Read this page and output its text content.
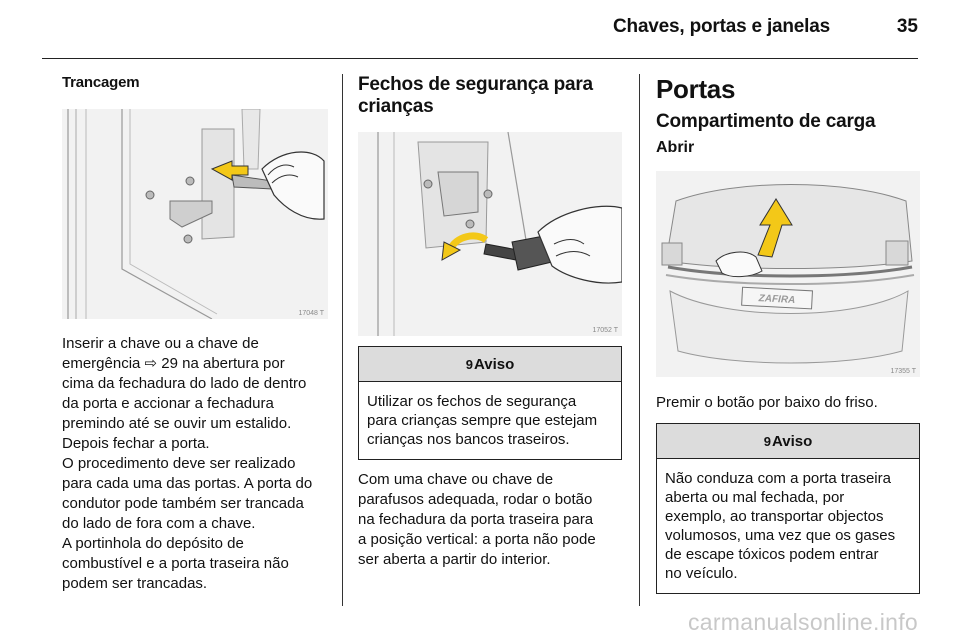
Chaves, portas e janelas	35
Trancagem
17048 T

Inserir a chave ou a chave de
emergência ⇨ 29 na abertura por
cima da fechadura do lado de dentro
da porta e accionar a fechadura
premindo até se ouvir um estalido.
Depois fechar a porta.
O procedimento deve ser realizado
para cada uma das portas. A porta do
condutor pode também ser trancada
do lado de fora com a chave.
A portinhola do depósito de
combustível e a porta traseira não
podem ser trancadas.

Fechos de segurança para
crianças
17052 T
9Aviso
Utilizar os fechos de segurança
para crianças sempre que estejam
crianças nos bancos traseiros.

Com uma chave ou chave de
parafusos adequada, rodar o botão
na fechadura da porta traseira para
a posição vertical: a porta não pode
ser aberta a partir do interior.

Portas
Compartimento de carga
Abrir
ZAFIRA
17355 T

Premir o botão por baixo do friso.

9Aviso
Não conduza com a porta traseira
aberta ou mal fechada, por
exemplo, ao transportar objectos
volumosos, uma vez que os gases
de escape tóxicos podem entrar
no veículo.
carmanualsonline.info
